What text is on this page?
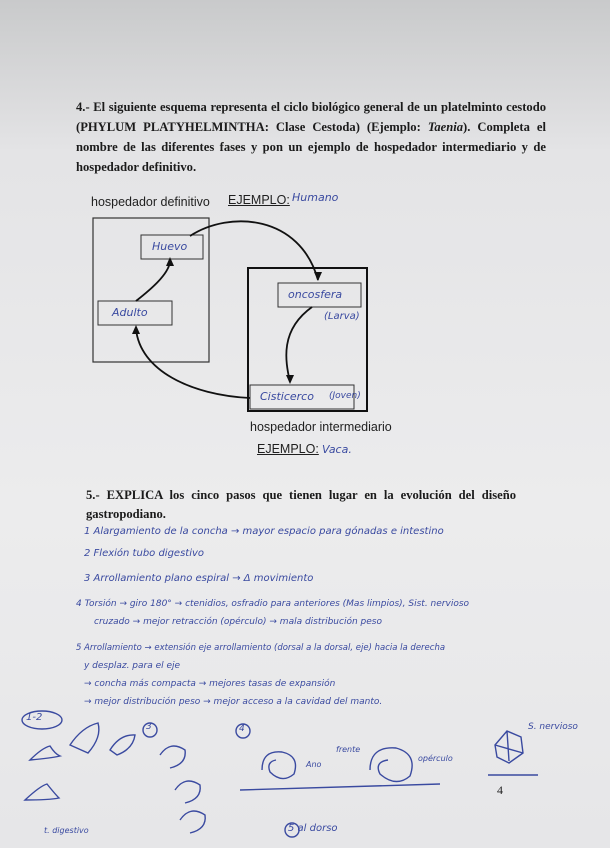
4.- El siguiente esquema representa el ciclo biológico general de un platelminto cestodo (PHYLUM PLATYHELMINTHA: Clase Cestoda) (Ejemplo: Taenia). Completa el nombre de las diferentes fases y pon un ejemplo de hospedador intermediario y de hospedador definitivo.
hospedador definitivo EJEMPLO: Humano
Huevo
Adulto
oncosfera
(Larva)
Cisticerco (Joven)
hospedador intermediario
EJEMPLO: Vaca.
5.- EXPLICA los cinco pasos que tienen lugar en la evolución del diseño gastropodiano.
1 Alargamiento de la concha → mayor espacio para gónadas e intestino
2 Flexión tubo digestivo
3 Arrollamiento plano espiral → Δ movimiento
4 Torsión → giro 180° → ctenidios, osfradio para anteriores (Mas limpios), Sist. nervioso
cruzado → mejor retracción (opérculo) → mala distribución peso
5 Arrollamiento → extensión eje arrollamiento (dorsal a la dorsal, eje) hacia la derecha
y desplaz. para el eje
→ concha más compacta → mejores tasas de expansión
→ mejor distribución peso → mejor acceso a la cavidad del manto.
1-2
3	4	S. nervioso
Ano
opérculo
frente
t. digestivo	5 al dorso
4
